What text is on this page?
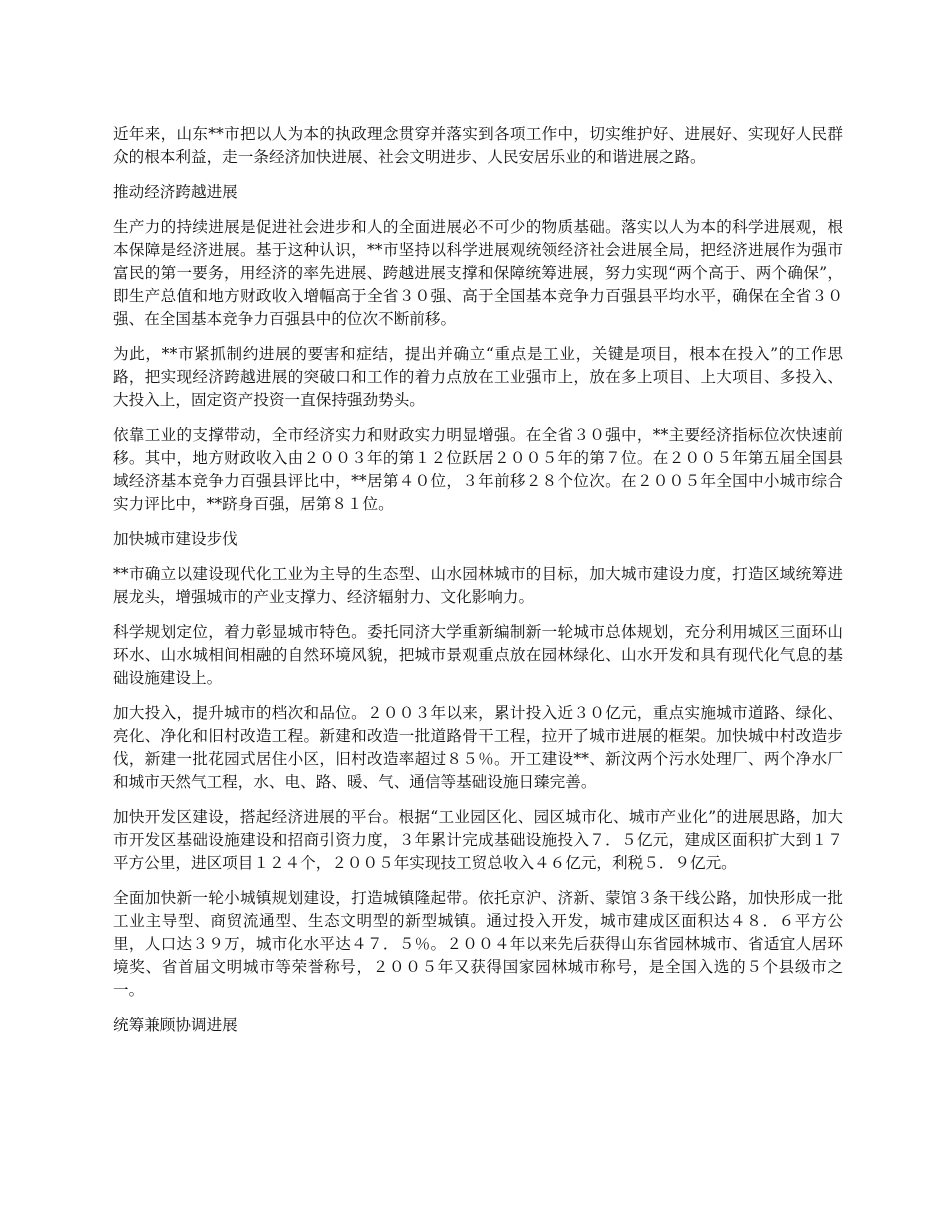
近年来，山东**市把以人为本的执政理念贯穿并落实到各项工作中，切实维护好、进展好、实现好人民群众的根本利益，走一条经济加快进展、社会文明进步、人民安居乐业的和谐进展之路。

推动经济跨越进展

生产力的持续进展是促进社会进步和人的全面进展必不可少的物质基础。落实以人为本的科学进展观，根本保障是经济进展。基于这种认识，**市坚持以科学进展观统领经济社会进展全局，把经济进展作为强市富民的第一要务，用经济的率先进展、跨越进展支撑和保障统筹进展，努力实现“两个高于、两个确保”，即生产总值和地方财政收入增幅高于全省３０强、高于全国基本竞争力百强县平均水平，确保在全省３０强、在全国基本竞争力百强县中的位次不断前移。

为此，**市紧抓制约进展的要害和症结，提出并确立“重点是工业，关键是项目，根本在投入”的工作思路，把实现经济跨越进展的突破口和工作的着力点放在工业强市上，放在多上项目、上大项目、多投入、大投入上，固定资产投资一直保持强劲势头。

依靠工业的支撑带动，全市经济实力和财政实力明显增强。在全省３０强中，**主要经济指标位次快速前移。其中，地方财政收入由２００３年的第１２位跃居２００５年的第７位。在２００５年第五届全国县域经济基本竞争力百强县评比中，**居第４０位，３年前移２８个位次。在２００５年全国中小城市综合实力评比中，**跻身百强，居第８１位。

加快城市建设步伐

**市确立以建设现代化工业为主导的生态型、山水园林城市的目标，加大城市建设力度，打造区域统筹进展龙头，增强城市的产业支撑力、经济辐射力、文化影响力。

科学规划定位，着力彰显城市特色。委托同济大学重新编制新一轮城市总体规划，充分利用城区三面环山环水、山水城相间相融的自然环境风貌，把城市景观重点放在园林绿化、山水开发和具有现代化气息的基础设施建设上。

加大投入，提升城市的档次和品位。２００３年以来，累计投入近３０亿元，重点实施城市道路、绿化、亮化、净化和旧村改造工程。新建和改造一批道路骨干工程，拉开了城市进展的框架。加快城中村改造步伐，新建一批花园式居住小区，旧村改造率超过８５％。开工建设**、新汶两个污水处理厂、两个净水厂和城市天然气工程，水、电、路、暖、气、通信等基础设施日臻完善。

加快开发区建设，搭起经济进展的平台。根据“工业园区化、园区城市化、城市产业化”的进展思路，加大市开发区基础设施建设和招商引资力度，３年累计完成基础设施投入７．５亿元，建成区面积扩大到１７平方公里，进区项目１２４个，２００５年实现技工贸总收入４６亿元，利税５．９亿元。

全面加快新一轮小城镇规划建设，打造城镇隆起带。依托京沪、济新、蒙馆３条干线公路，加快形成一批工业主导型、商贸流通型、生态文明型的新型城镇。通过投入开发，城市建成区面积达４８．６平方公里，人口达３９万，城市化水平达４７．５％。２００４年以来先后获得山东省园林城市、省适宜人居环境奖、省首届文明城市等荣誉称号，２００５年又获得国家园林城市称号，是全国入选的５个县级市之一。

统筹兼顾协调进展
